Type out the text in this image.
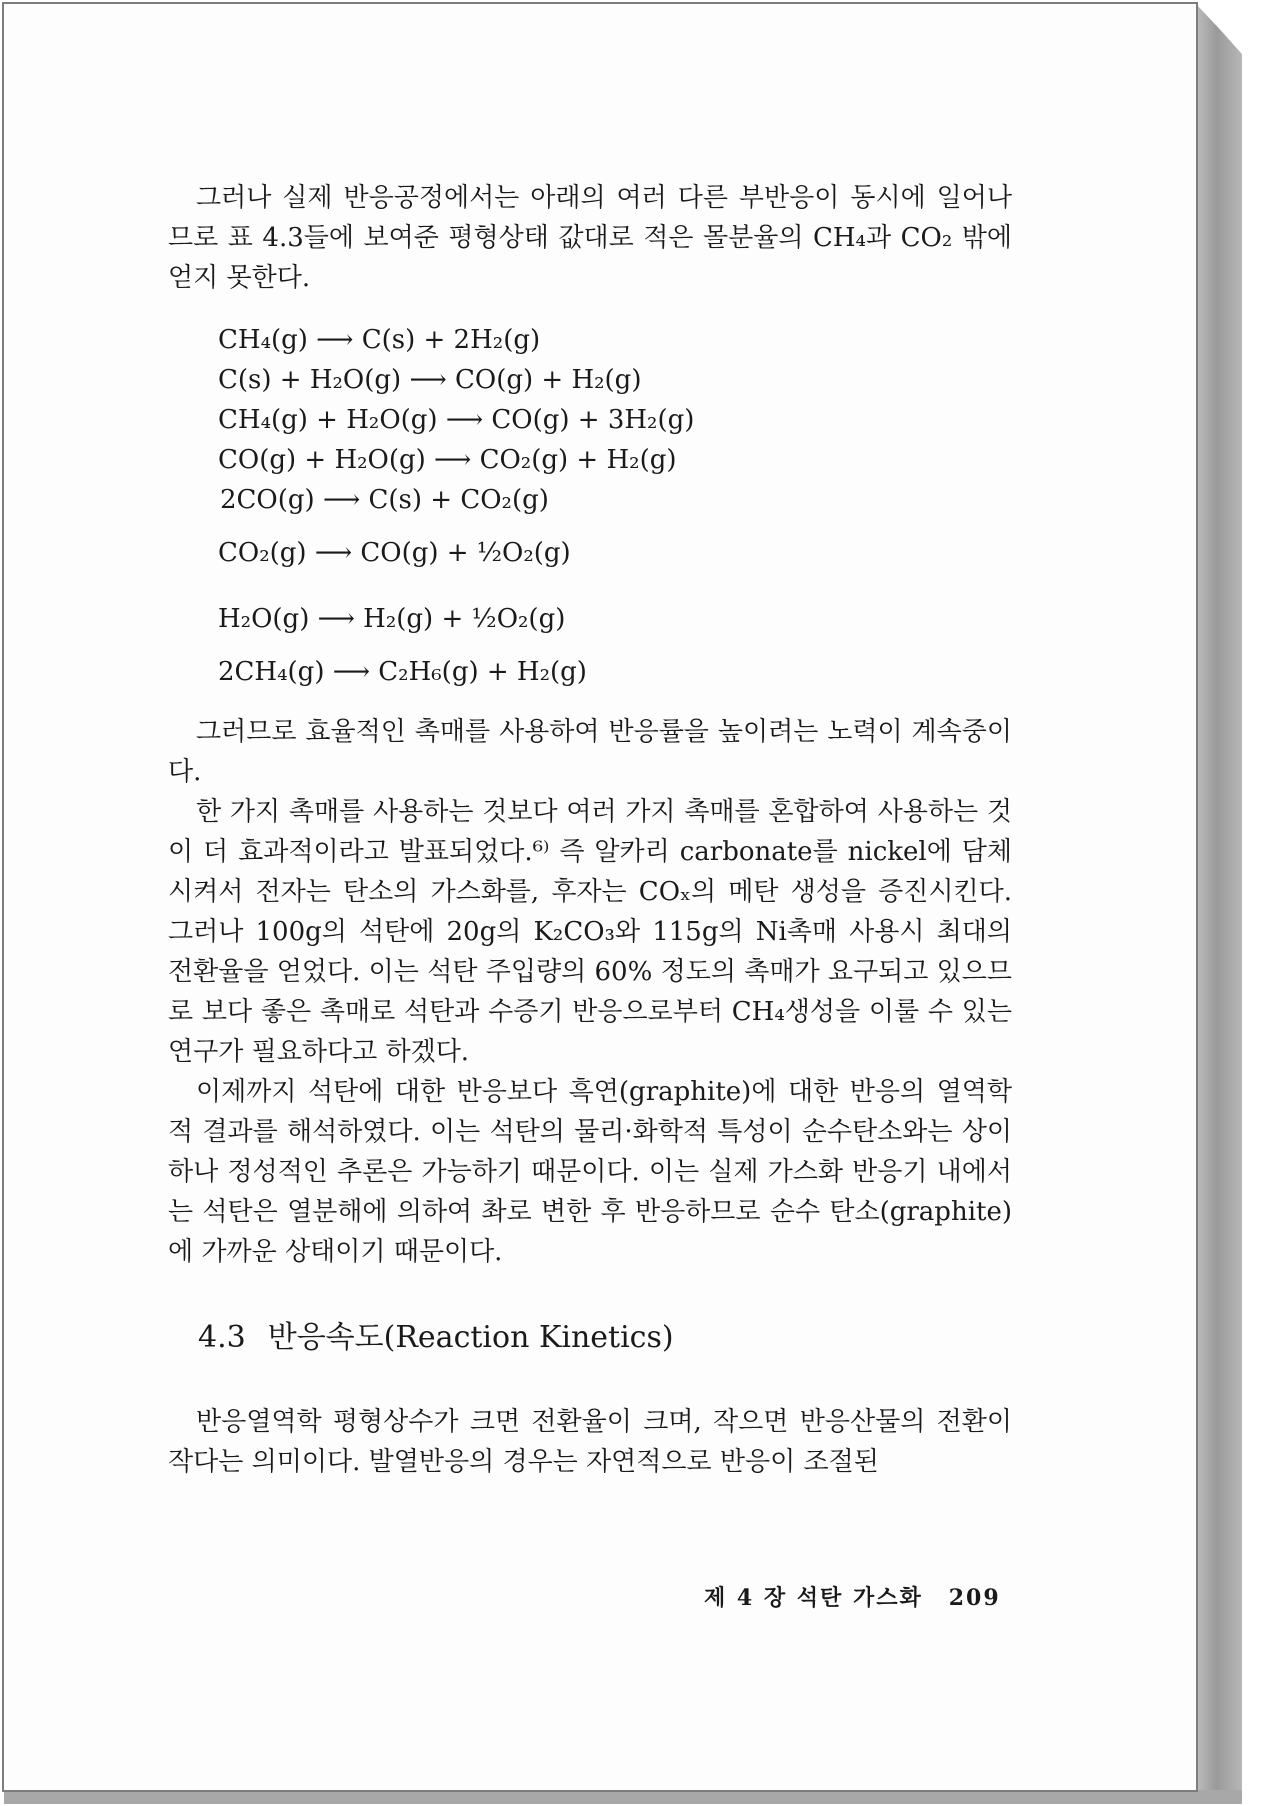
그러나 실제 반응공정에서는 아래의 여러 다른 부반응이 동시에 일어나므로 표 4.3들에 보여준 평형상태 값대로 적은 몰분율의 CH₄과 CO₂ 밖에 얻지 못한다.

CH₄(g) ⟶ C(s) + 2H₂(g)
C(s) + H₂O(g) ⟶ CO(g) + H₂(g)
CH₄(g) + H₂O(g) ⟶ CO(g) + 3H₂(g)
CO(g) + H₂O(g) ⟶ CO₂(g) + H₂(g)
2CO(g) ⟶ C(s) + CO₂(g)
CO₂(g) ⟶ CO(g) + ½O₂(g)
H₂O(g) ⟶ H₂(g) + ½O₂(g)
2CH₄(g) ⟶ C₂H₆(g) + H₂(g)

그러므로 효율적인 촉매를 사용하여 반응률을 높이려는 노력이 계속중이다.

한 가지 촉매를 사용하는 것보다 여러 가지 촉매를 혼합하여 사용하는 것이 더 효과적이라고 발표되었다.⁶⁾ 즉 알카리 carbonate를 nickel에 담체시켜서 전자는 탄소의 가스화를, 후자는 COₓ의 메탄 생성을 증진시킨다. 그러나 100g의 석탄에 20g의 K₂CO₃와 115g의 Ni촉매 사용시 최대의 전환율을 얻었다. 이는 석탄 주입량의 60% 정도의 촉매가 요구되고 있으므로 보다 좋은 촉매로 석탄과 수증기 반응으로부터 CH₄생성을 이룰 수 있는 연구가 필요하다고 하겠다.

이제까지 석탄에 대한 반응보다 흑연(graphite)에 대한 반응의 열역학적 결과를 해석하였다. 이는 석탄의 물리·화학적 특성이 순수탄소와는 상이하나 정성적인 추론은 가능하기 때문이다. 이는 실제 가스화 반응기 내에서는 석탄은 열분해에 의하여 촤로 변한 후 반응하므로 순수 탄소(graphite)에 가까운 상태이기 때문이다.

4.3 반응속도(Reaction Kinetics)

반응열역학 평형상수가 크면 전환율이 크며, 작으면 반응산물의 전환이 작다는 의미이다. 발열반응의 경우는 자연적으로 반응이 조절된

제 4 장 석탄 가스화 209
